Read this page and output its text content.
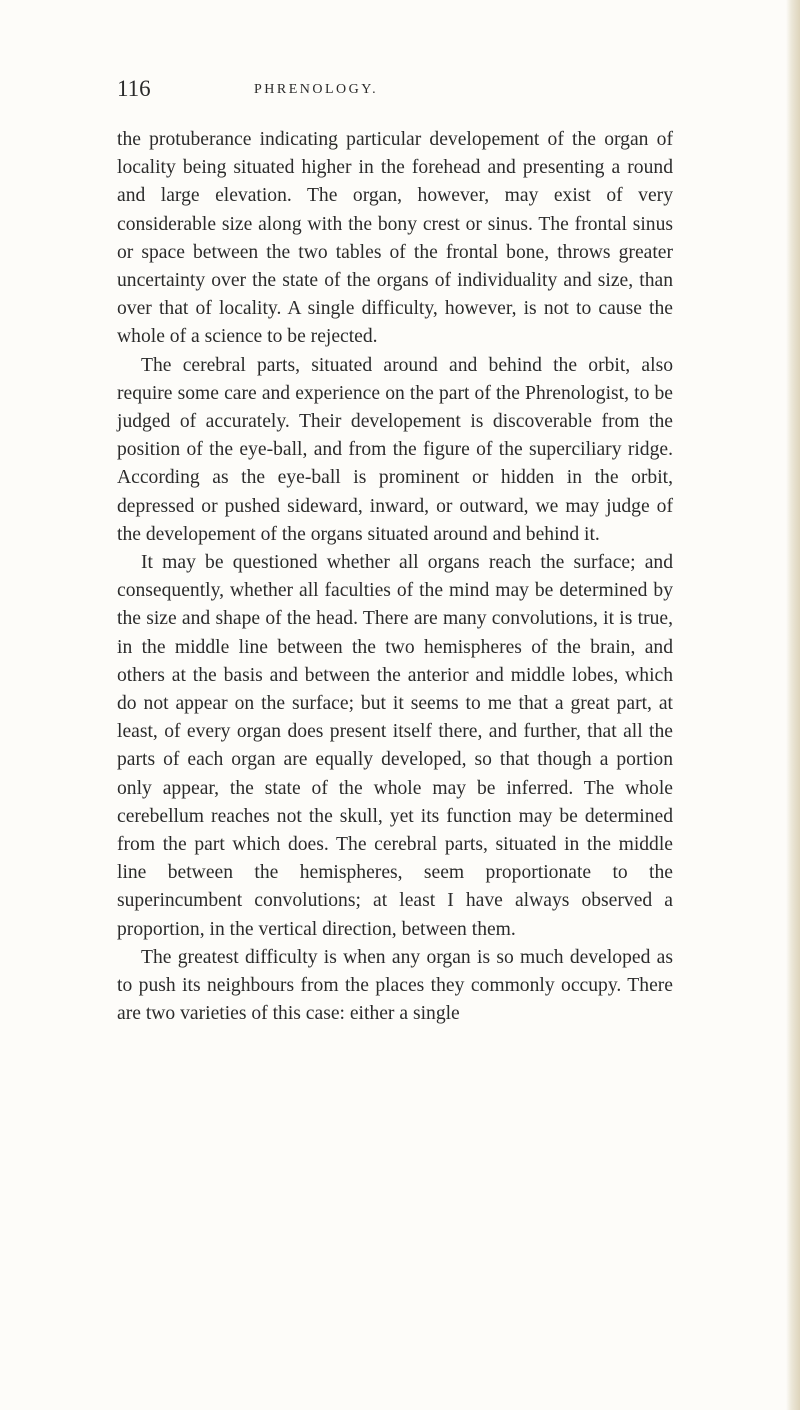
116	PHRENOLOGY.

the protuberance indicating particular developement of the organ of locality being situated higher in the forehead and presenting a round and large elevation. The organ, however, may exist of very considerable size along with the bony crest or sinus. The frontal sinus or space between the two tables of the frontal bone, throws greater uncertainty over the state of the organs of individuality and size, than over that of locality. A single difficulty, however, is not to cause the whole of a science to be rejected.

The cerebral parts, situated around and behind the orbit, also require some care and experience on the part of the Phrenologist, to be judged of accurately. Their developement is discoverable from the position of the eye-ball, and from the figure of the superciliary ridge. According as the eye-ball is prominent or hidden in the orbit, depressed or pushed sideward, inward, or outward, we may judge of the developement of the organs situated around and behind it.

It may be questioned whether all organs reach the surface; and consequently, whether all faculties of the mind may be determined by the size and shape of the head. There are many convolutions, it is true, in the middle line between the two hemispheres of the brain, and others at the basis and between the anterior and middle lobes, which do not appear on the surface; but it seems to me that a great part, at least, of every organ does present itself there, and further, that all the parts of each organ are equally developed, so that though a portion only appear, the state of the whole may be inferred. The whole cerebellum reaches not the skull, yet its function may be determined from the part which does. The cerebral parts, situated in the middle line between the hemispheres, seem proportionate to the superincumbent convolutions; at least I have always observed a proportion, in the vertical direction, between them.

The greatest difficulty is when any organ is so much developed as to push its neighbours from the places they commonly occupy. There are two varieties of this case: either a single
